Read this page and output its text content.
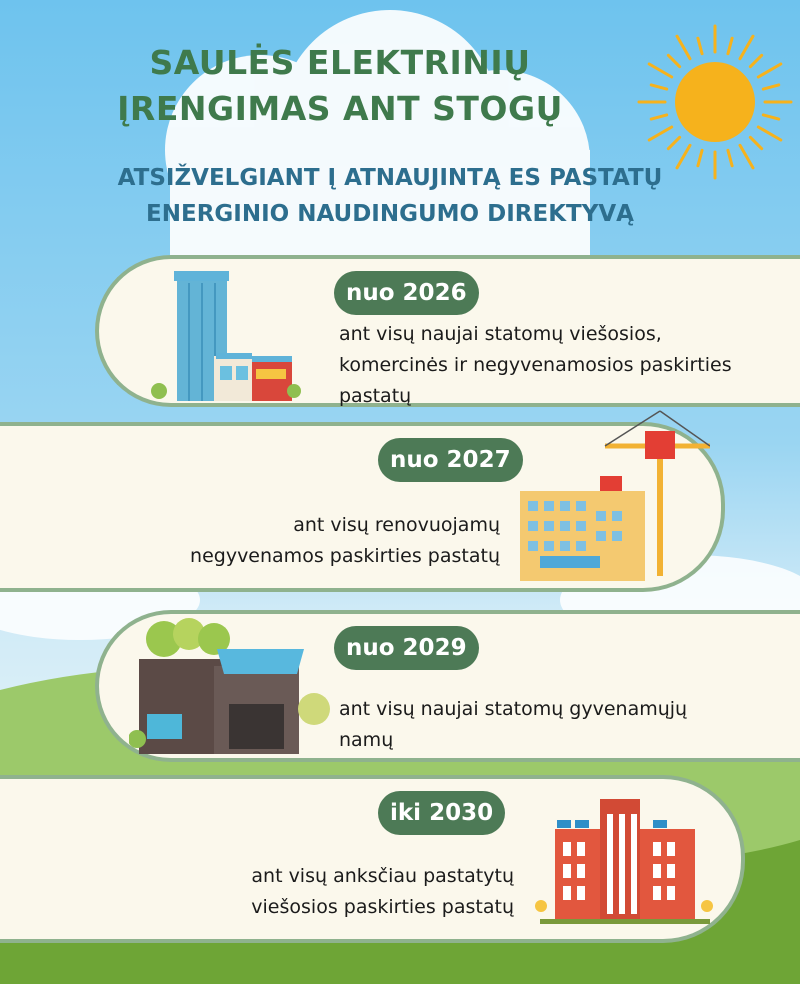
SAULĖS ELEKTRINIŲ
ĮRENGIMAS ANT STOGŲ
ATSIŽVELGIANT Į ATNAUJINTĄ ES PASTATŲ
ENERGINIO NAUDINGUMO DIREKTYVĄ
nuo 2026
ant visų naujai statomų viešosios,
komercinės ir negyvenamosios paskirties
pastatų
nuo 2027
ant visų renovuojamų
negyvenamos paskirties pastatų
nuo 2029
ant visų naujai statomų gyvenamųjų
namų
iki 2030
ant visų anksčiau pastatytų
viešosios paskirties pastatų
